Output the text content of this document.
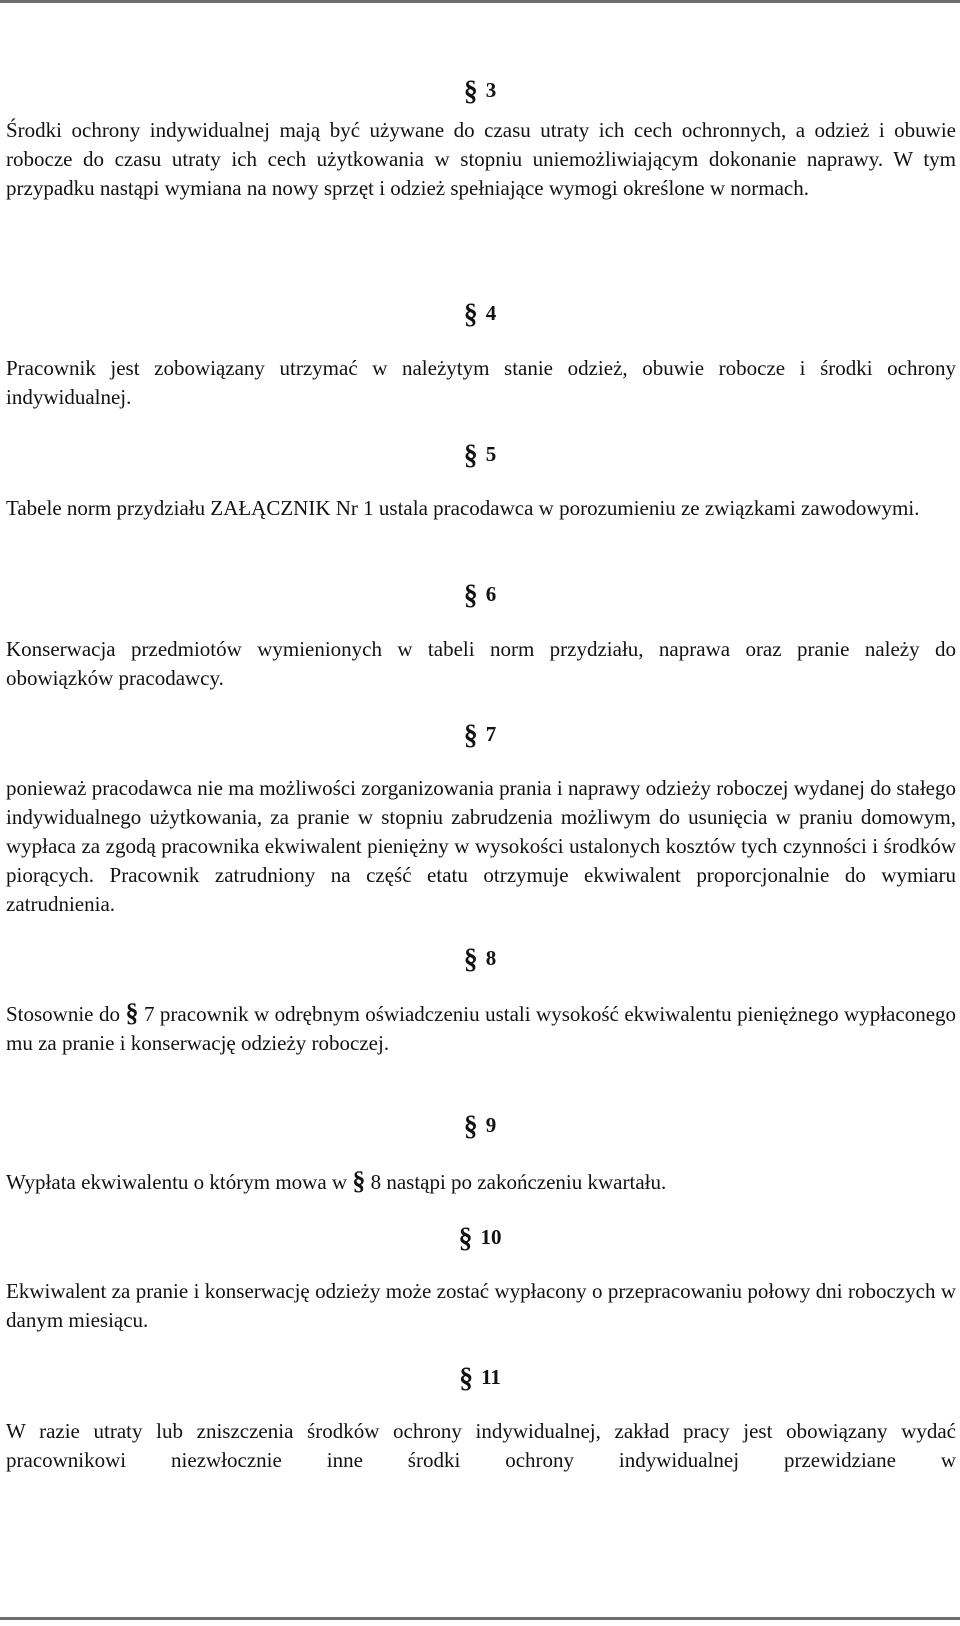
§ 3

Środki ochrony indywidualnej mają być używane do czasu utraty ich cech ochronnych, a odzież i obuwie robocze do czasu utraty ich cech użytkowania w stopniu uniemożliwiającym dokonanie naprawy. W tym przypadku nastąpi wymiana na nowy sprzęt i odzież spełniające wymogi określone w normach.

§ 4

Pracownik jest zobowiązany utrzymać w należytym stanie odzież, obuwie robocze i środki ochrony indywidualnej.

§ 5

Tabele norm przydziału ZAŁĄCZNIK Nr 1 ustala pracodawca w porozumieniu ze związkami zawodowymi.

§ 6

Konserwacja przedmiotów wymienionych w tabeli norm przydziału, naprawa oraz pranie należy do obowiązków pracodawcy.

§ 7

ponieważ pracodawca nie ma możliwości zorganizowania prania i naprawy odzieży roboczej wydanej do stałego indywidualnego użytkowania, za pranie w stopniu zabrudzenia możliwym do usunięcia w praniu domowym, wypłaca za zgodą pracownika ekwiwalent pieniężny w wysokości ustalonych kosztów tych czynności i środków piorących. Pracownik zatrudniony na część etatu otrzymuje ekwiwalent proporcjonalnie do wymiaru zatrudnienia.

§ 8

Stosownie do § 7 pracownik w odrębnym oświadczeniu ustali wysokość ekwiwalentu pieniężnego wypłaconego mu za pranie i konserwację odzieży roboczej.

§ 9

Wypłata ekwiwalentu o którym mowa w § 8 nastąpi po zakończeniu kwartału.

§ 10

Ekwiwalent za pranie i konserwację odzieży może zostać wypłacony o przepracowaniu połowy dni roboczych w danym miesiącu.

§ 11

W razie utraty lub zniszczenia środków ochrony indywidualnej, zakład pracy jest obowiązany wydać pracownikowi niezwłocznie inne środki ochrony indywidualnej przewidziane w
